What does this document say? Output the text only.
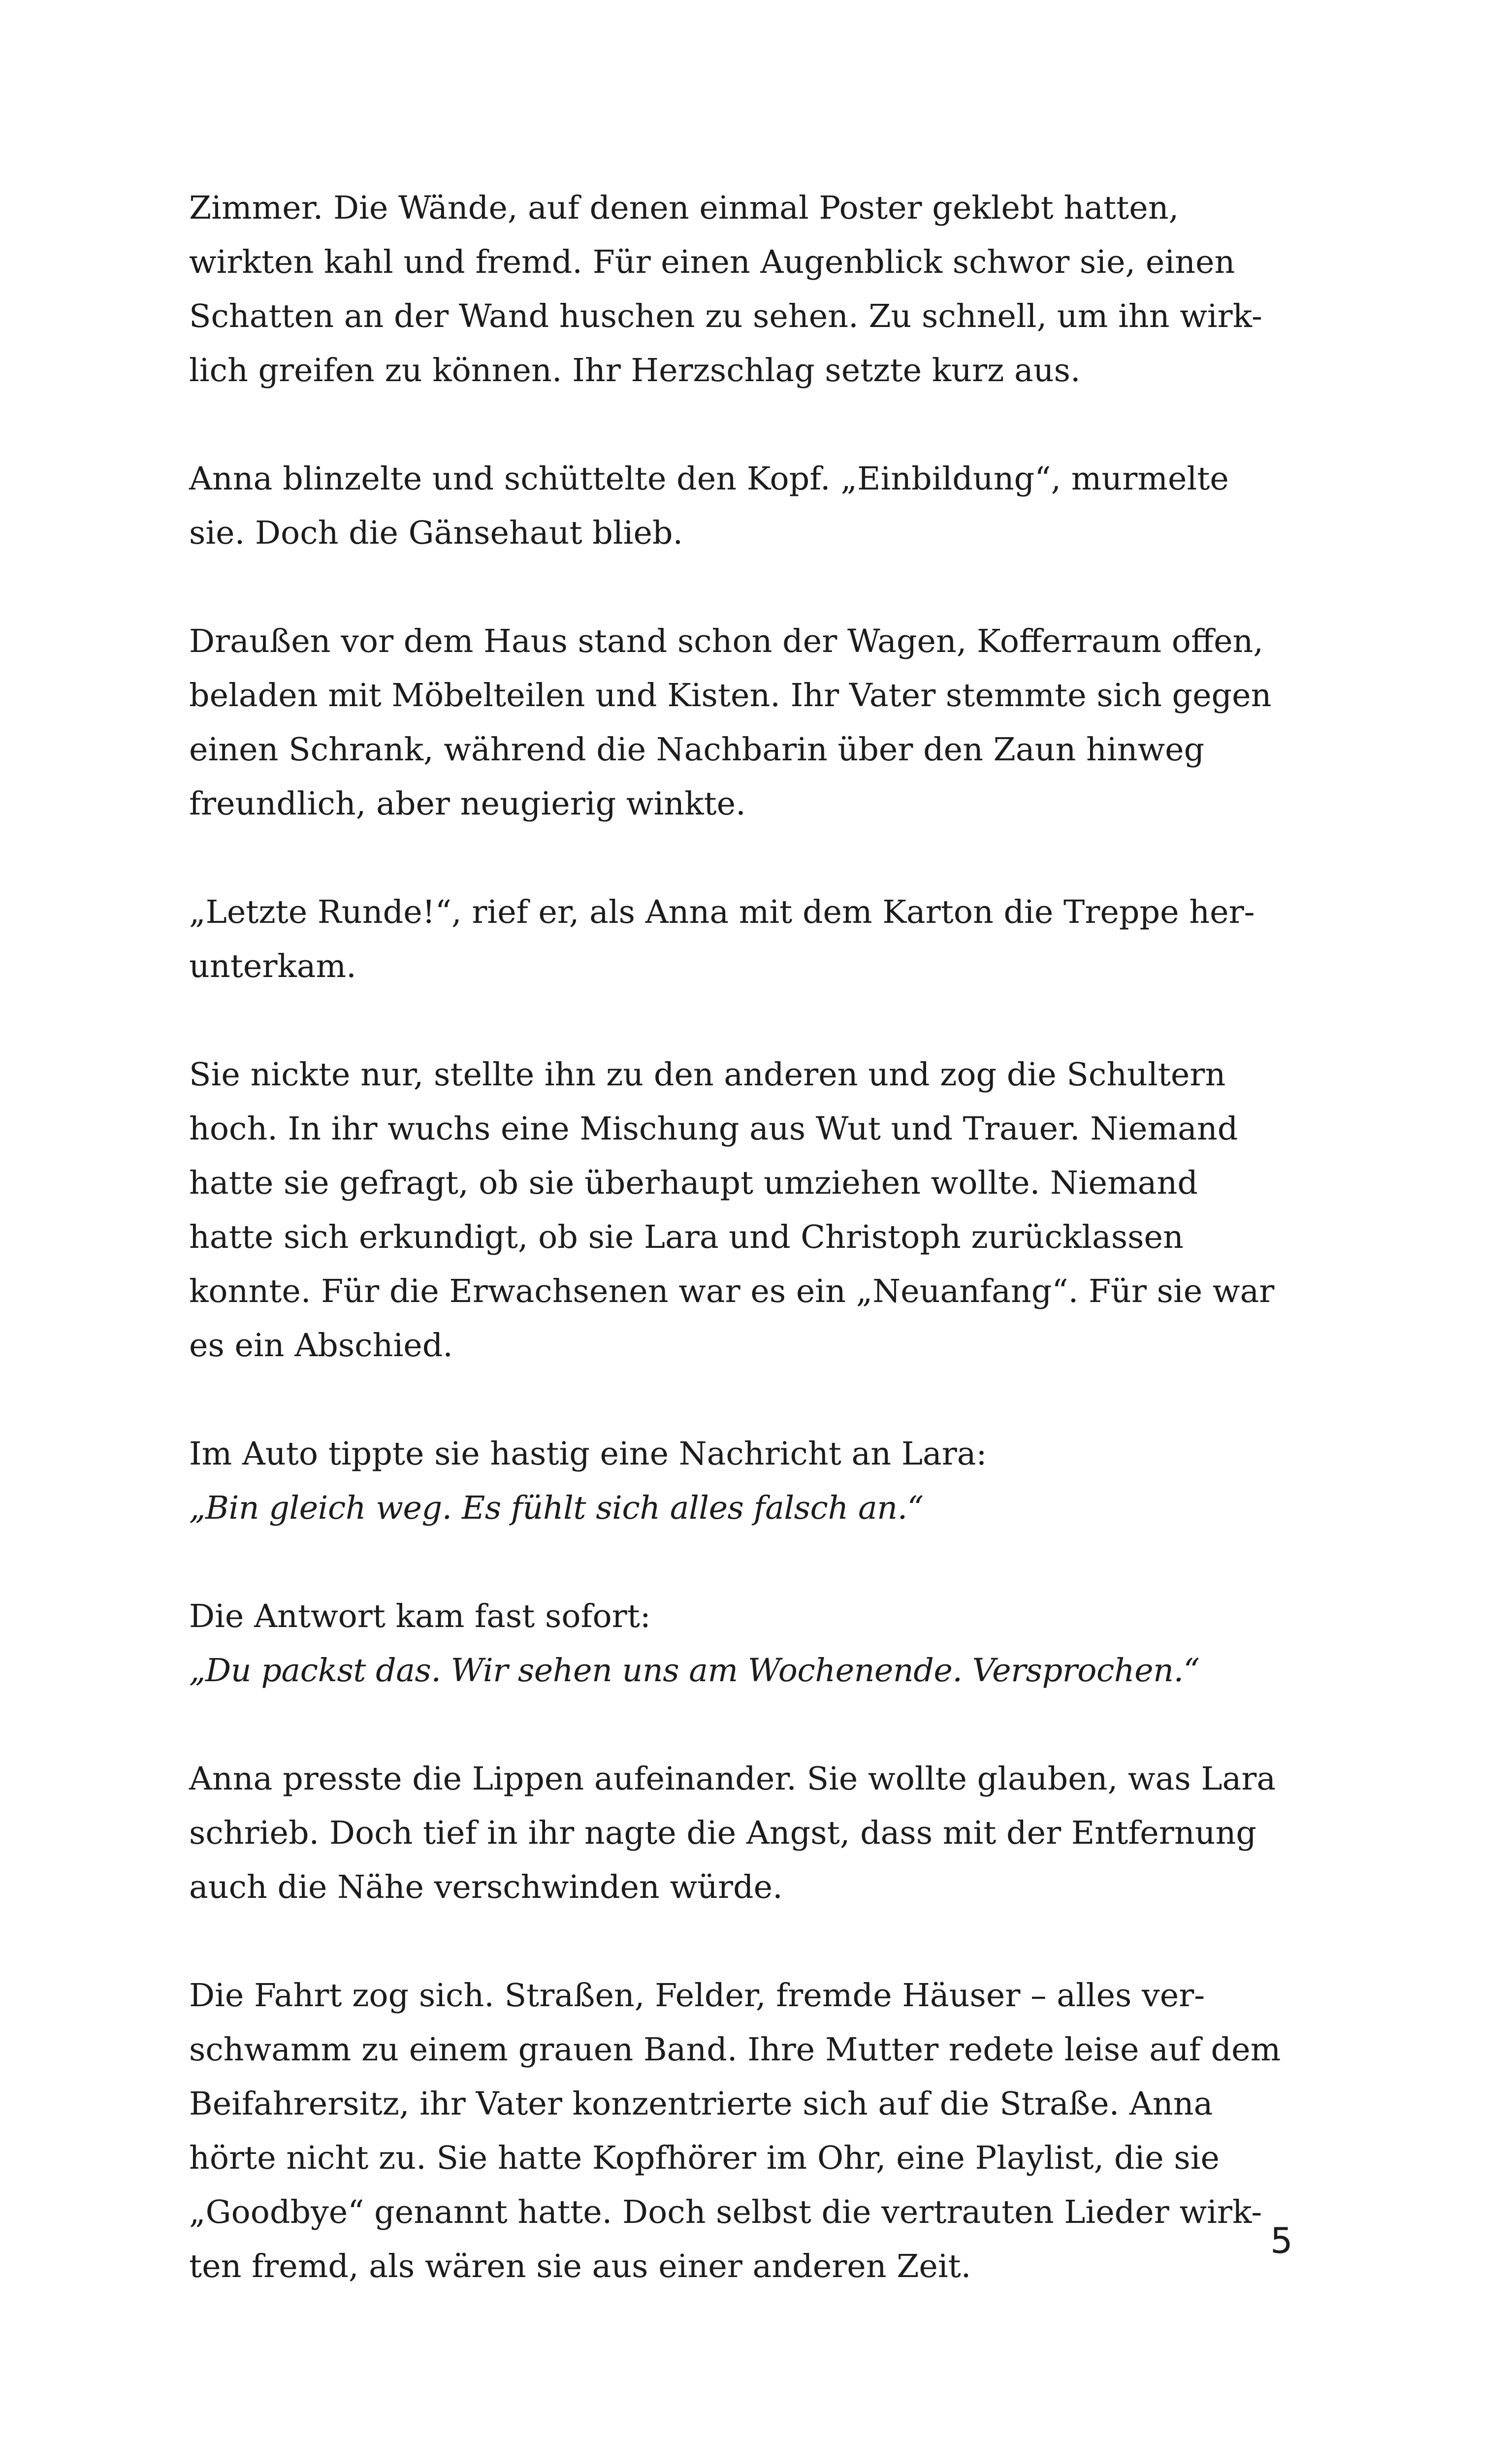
Zimmer. Die Wände, auf denen einmal Poster geklebt hatten,
wirkten kahl und fremd. Für einen Augenblick schwor sie, einen
Schatten an der Wand huschen zu sehen. Zu schnell, um ihn wirk-
lich greifen zu können. Ihr Herzschlag setzte kurz aus.

Anna blinzelte und schüttelte den Kopf. „Einbildung“, murmelte
sie. Doch die Gänsehaut blieb.

Draußen vor dem Haus stand schon der Wagen, Kofferraum offen,
beladen mit Möbelteilen und Kisten. Ihr Vater stemmte sich gegen
einen Schrank, während die Nachbarin über den Zaun hinweg
freundlich, aber neugierig winkte.

„Letzte Runde!“, rief er, als Anna mit dem Karton die Treppe her-
unterkam.

Sie nickte nur, stellte ihn zu den anderen und zog die Schultern
hoch. In ihr wuchs eine Mischung aus Wut und Trauer. Niemand
hatte sie gefragt, ob sie überhaupt umziehen wollte. Niemand
hatte sich erkundigt, ob sie Lara und Christoph zurücklassen
konnte. Für die Erwachsenen war es ein „Neuanfang“. Für sie war
es ein Abschied.

Im Auto tippte sie hastig eine Nachricht an Lara:
„Bin gleich weg. Es fühlt sich alles falsch an.“

Die Antwort kam fast sofort:
„Du packst das. Wir sehen uns am Wochenende. Versprochen.“

Anna presste die Lippen aufeinander. Sie wollte glauben, was Lara
schrieb. Doch tief in ihr nagte die Angst, dass mit der Entfernung
auch die Nähe verschwinden würde.

Die Fahrt zog sich. Straßen, Felder, fremde Häuser – alles ver-
schwamm zu einem grauen Band. Ihre Mutter redete leise auf dem
Beifahrersitz, ihr Vater konzentrierte sich auf die Straße. Anna
hörte nicht zu. Sie hatte Kopfhörer im Ohr, eine Playlist, die sie
„Goodbye“ genannt hatte. Doch selbst die vertrauten Lieder wirk-
ten fremd, als wären sie aus einer anderen Zeit.

5
